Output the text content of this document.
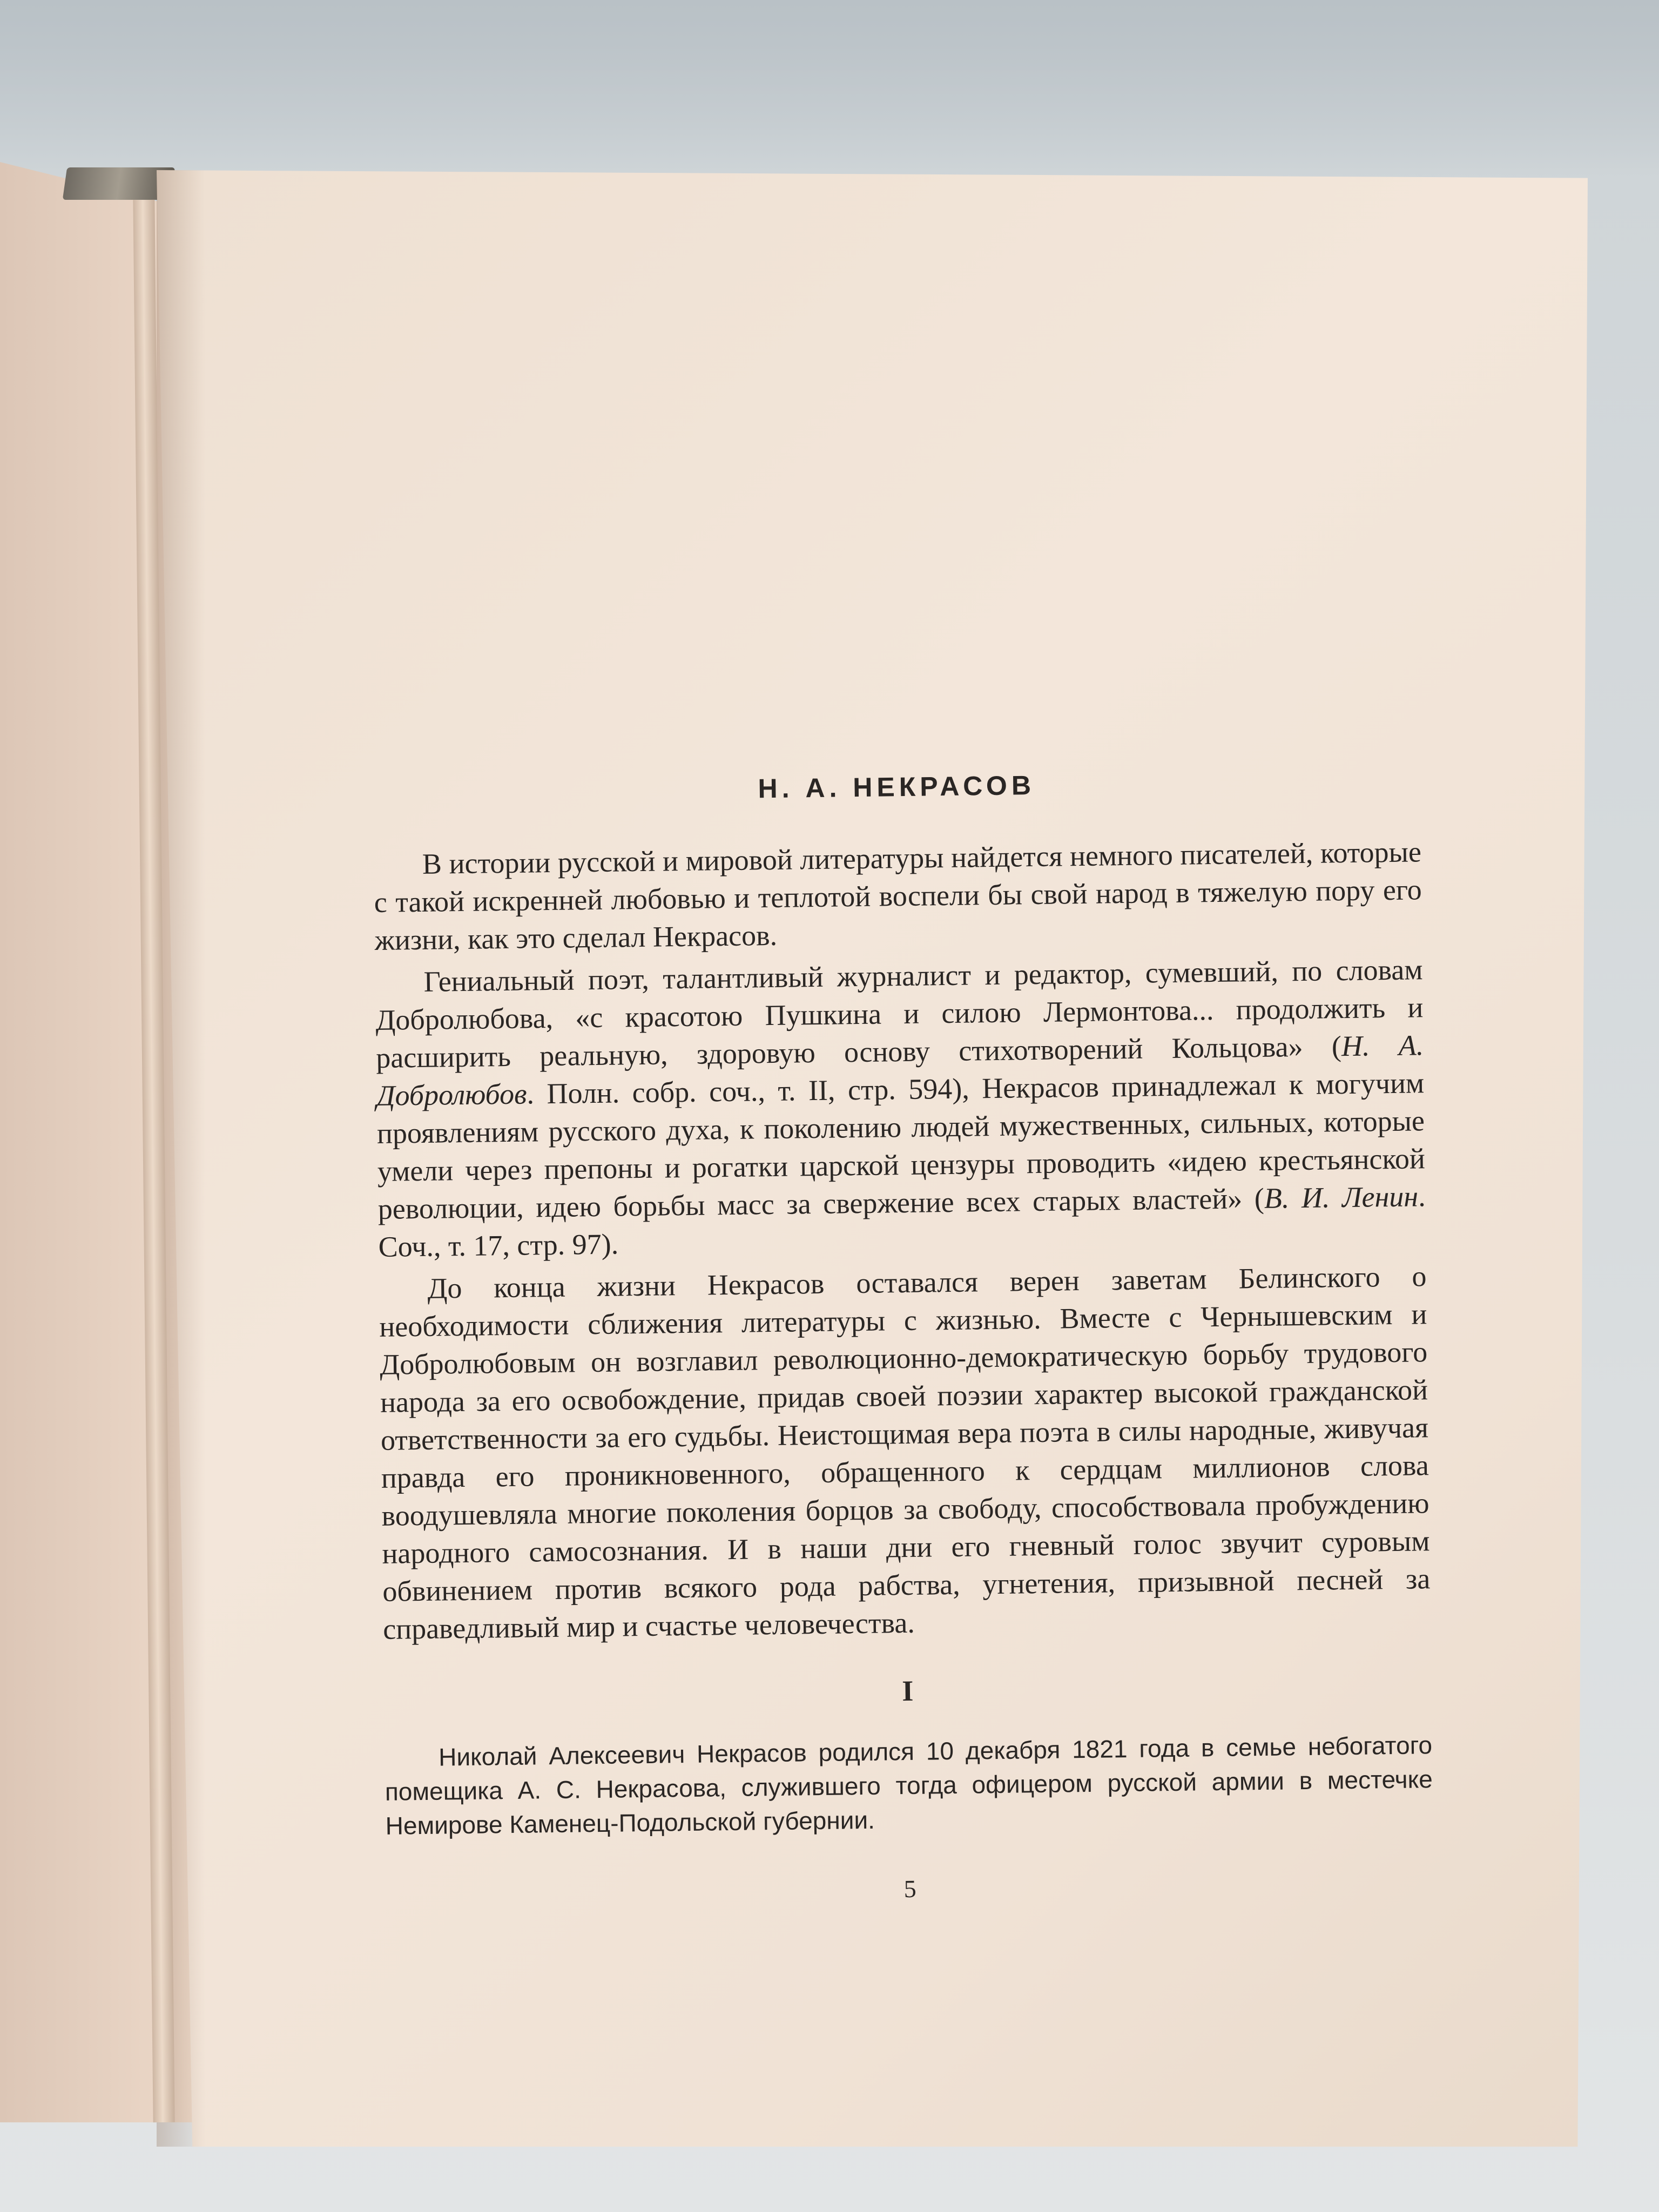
Н. А. НЕКРАСОВ

В истории русской и мировой литературы найдется немного писателей, которые с такой искренней любовью и теплотой воспели бы свой народ в тяжелую пору его жизни, как это сделал Некрасов.

Гениальный поэт, талантливый журналист и редактор, сумевший, по словам Добролюбова, «с красотою Пушкина и силою Лермонтова... продолжить и расширить реальную, здоровую основу стихотворений Кольцова» (Н. А. Добролюбов. Полн. собр. соч., т. II, стр. 594), Некрасов принадлежал к могучим проявлениям русского духа, к поколению людей мужественных, сильных, которые умели через препоны и рогатки царской цензуры проводить «идею крестьянской революции, идею борьбы масс за свержение всех старых властей» (В. И. Ленин. Соч., т. 17, стр. 97).

До конца жизни Некрасов оставался верен заветам Белинского о необходимости сближения литературы с жизнью. Вместе с Чернышевским и Добролюбовым он возглавил революционно-демократическую борьбу трудового народа за его освобождение, придав своей поэзии характер высокой гражданской ответственности за его судьбы. Неистощимая вера поэта в силы народные, живучая правда его проникновенного, обращенного к сердцам миллионов слова воодушевляла многие поколения борцов за свободу, способствовала пробуждению народного самосознания. И в наши дни его гневный голос звучит суровым обвинением против всякого рода рабства, угнетения, призывной песней за справедливый мир и счастье человечества.

I

Николай Алексеевич Некрасов родился 10 декабря 1821 года в семье небогатого помещика А. С. Некрасова, служившего тогда офицером русской армии в местечке Немирове Каменец-Подольской губернии.

5
